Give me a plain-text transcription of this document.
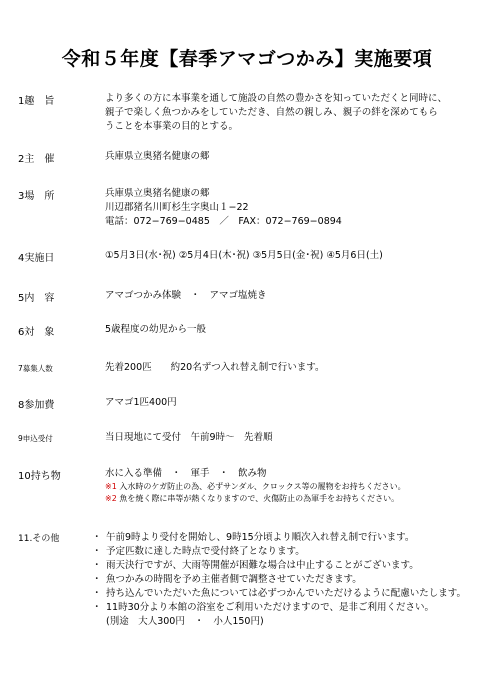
令和５年度【春季アマゴつかみ】実施要項
1趣　旨	より多くの方に本事業を通して施設の自然の豊かさを知っていただくと同時に、
親子で楽しく魚つかみをしていただき、自然の親しみ、親子の絆を深めてもら
うことを本事業の目的とする。
2主　催	兵庫県立奥猪名健康の郷
3場　所	兵庫県立奥猪名健康の郷
川辺郡猪名川町杉生字奥山１−22
電話：072−769−0485　／　FAX：072−769−0894
4実施日	①5月3日(水･祝) ②5月4日(木･祝) ③5月5日(金･祝) ④5月6日(土)
5内　容	アマゴつかみ体験　・　アマゴ塩焼き
6対　象	5歳程度の幼児から一般
7募集人数	先着200匹　　約20名ずつ入れ替え制で行います。
8参加費	アマゴ1匹400円
9申込受付	当日現地にて受付　午前9時〜　先着順
10持ち物	水に入る準備　・　軍手　・　飲み物
※1 入水時のケガ防止の為、必ずサンダル、クロックス等の履物をお持ちください。
※2 魚を焼く際に串等が熱くなりますので、火傷防止の為軍手をお持ちください。
11.その他	・ 午前9時より受付を開始し、9時15分頃より順次入れ替え制で行います。
・ 予定匹数に達した時点で受付終了となります。
・ 雨天決行ですが、大雨等開催が困難な場合は中止することがございます。
・ 魚つかみの時間を予め主催者側で調整させていただきます。
・ 持ち込んでいただいた魚については必ずつかんでいただけるように配慮いたします。
・ 11時30分より本館の浴室をご利用いただけますので、是非ご利用ください。
(別途　大人300円　・　小人150円)
